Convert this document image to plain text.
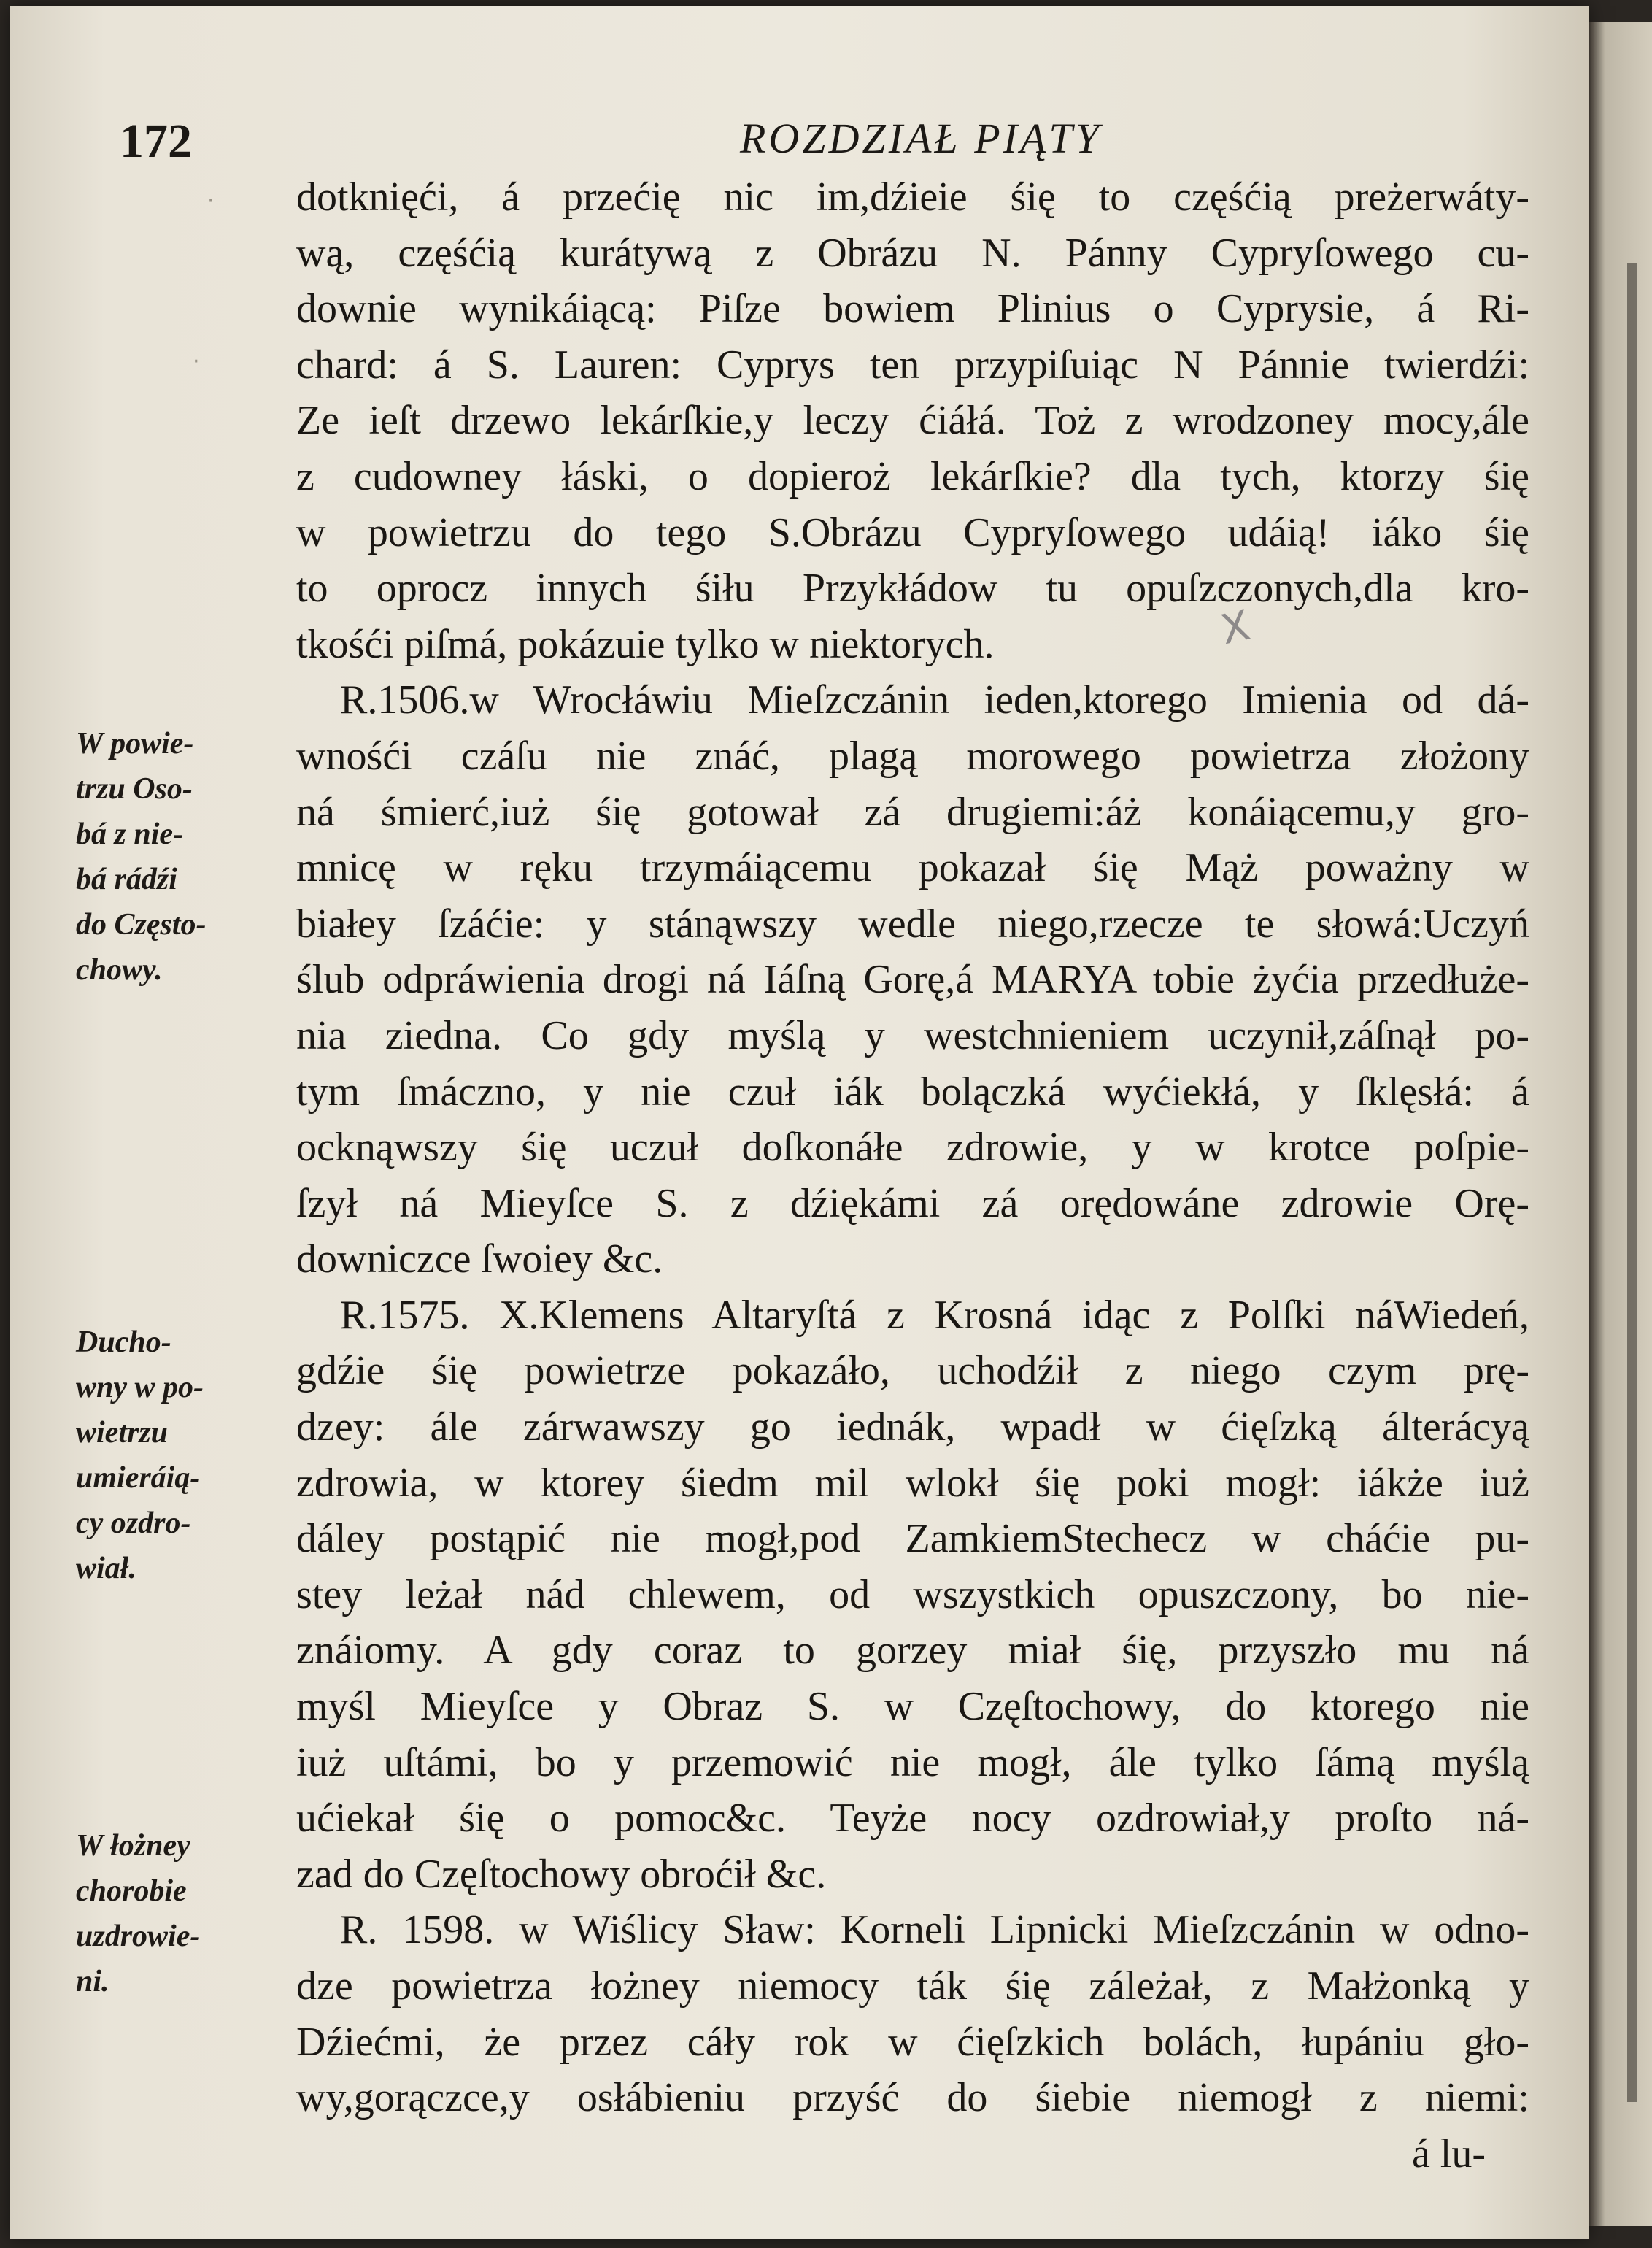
172	ROZDZIAŁ PIĄTY
dotknięći, á przećię nic im,dźieie śię to częśćią preżerwáty-
wą, częśćią kurátywą z Obrázu N. Pánny Cypryſowego cu-
downie wynikáiącą: Piſze bowiem Plinius o Cyprysie, á Ri-
chard: á S. Lauren: Cyprys ten przypiſuiąc N Pánnie twierdźi:
Ze ieſt drzewo lekárſkie,y leczy ćiáłá. Toż z wrodzoney mocy,ále
z cudowney łáski, o dopieroż lekárſkie? dla tych, ktorzy śię
w powietrzu do tego S.Obrázu Cypryſowego udáią! iáko śię
to oprocz innych śiłu Przykłádow tu opuſzczonych,dla kro-
tkośći piſmá, pokázuie tylko w niektorych.
R.1506.w Wrocłáwiu Mieſzczánin ieden,ktorego Imienia od dá-
wnośći czáſu nie znáć, plagą morowego powietrza złożony
ná śmierć,iuż śię gotował zá drugiemi:áż konáiącemu,y gro-
mnicę w ręku trzymáiącemu pokazał śię Mąż poważny w
białey ſzáćie: y stánąwszy wedle niego,rzecze te słowá:Uczyń
ślub odpráwienia drogi ná Iáſną Gorę,á MARYA tobie żyćia przedłuże-
nia ziedna. Co gdy myślą y westchnieniem uczynił,záſnął po-
tym ſmáczno, y nie czuł iák bolączká wyćiekłá, y ſklęsłá: á
ocknąwszy śię uczuł doſkonáłe zdrowie, y w krotce poſpie-
ſzył ná Mieyſce S. z dźiękámi zá orędowáne zdrowie Orę-
downiczce ſwoiey &c.
R.1575. X.Klemens Altaryſtá z Krosná idąc z Polſki náWiedeń,
gdźie śię powietrze pokazáło, uchodźił z niego czym prę-
dzey: ále zárwawszy go iednák, wpadł w ćięſzką álterácyą
zdrowia, w ktorey śiedm mil wlokł śię poki mogł: iákże iuż
dáley postąpić nie mogł,pod ZamkiemStechecz w cháćie pu-
stey leżał nád chlewem, od wszystkich opuszczony, bo nie-
znáiomy. A gdy coraz to gorzey miał śię, przyszło mu ná
myśl Mieyſce y Obraz S. w Częſtochowy, do ktorego nie
iuż uſtámi, bo y przemowić nie mogł, ále tylko ſámą myślą
ućiekał śię o pomoc&c. Teyże nocy ozdrowiał,y proſto ná-
zad do Częſtochowy obroćił &c.
R. 1598. w Wiślicy Sław: Korneli Lipnicki Mieſzczánin w odno-
dze powietrza łożney niemocy ták śię záleżał, z Małżonką y
Dźiećmi, że przez cáły rok w ćięſzkich bolách, łupániu gło-
wy,gorączce,y osłábieniu przyść do śiebie niemogł z niemi:
á lu-
W powie-
trzu Oso-
bá z nie-
bá rádźi
do Często-
chowy.
Ducho-
wny w po-
wietrzu
umieráią-
cy ozdro-
wiał.
W łożney
chorobie
uzdrowie-
ni.
X
·
·
